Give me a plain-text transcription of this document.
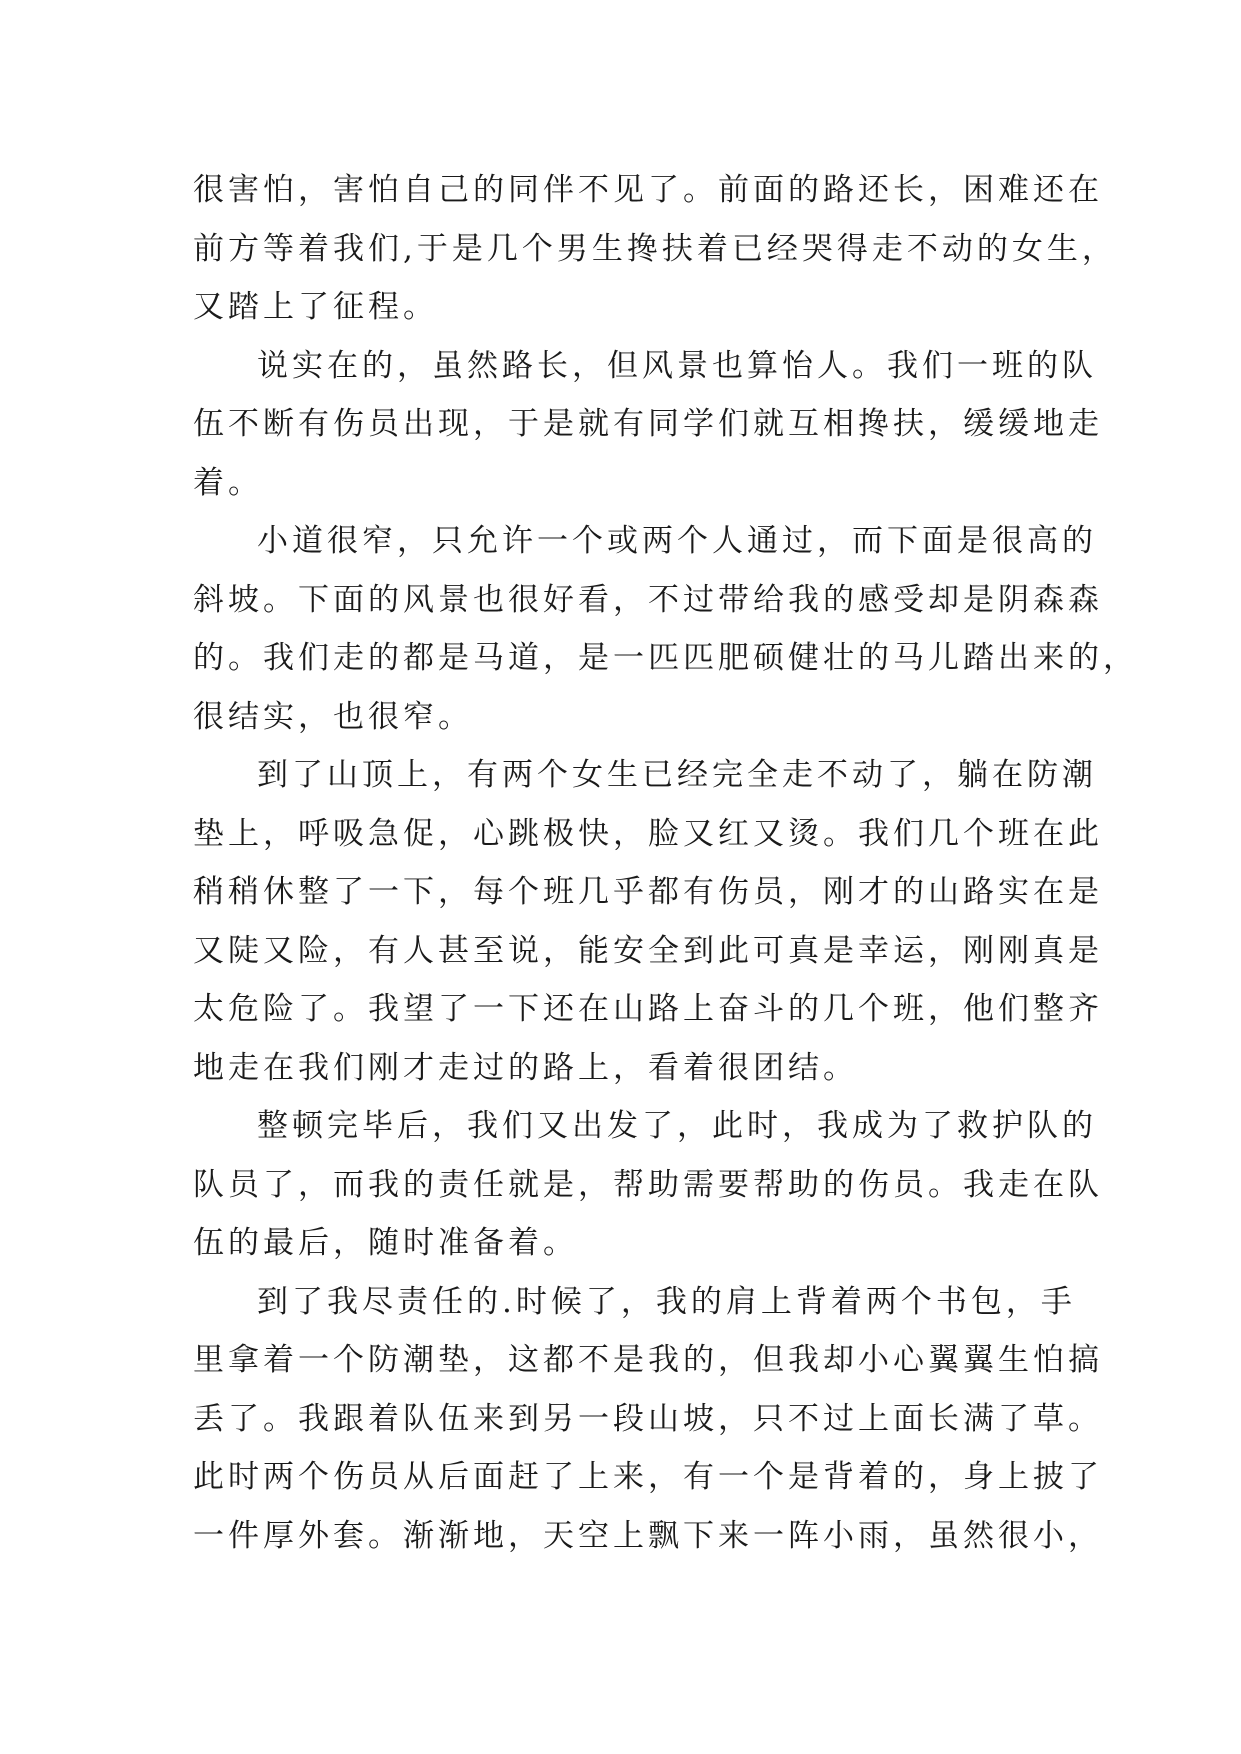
很害怕，害怕自己的同伴不见了。前面的路还长，困难还在
前方等着我们,于是几个男生搀扶着已经哭得走不动的女生，
又踏上了征程。
说实在的，虽然路长，但风景也算怡人。我们一班的队
伍不断有伤员出现，于是就有同学们就互相搀扶，缓缓地走
着。
小道很窄，只允许一个或两个人通过，而下面是很高的
斜坡。下面的风景也很好看，不过带给我的感受却是阴森森
的。我们走的都是马道，是一匹匹肥硕健壮的马儿踏出来的，
很结实，也很窄。
到了山顶上，有两个女生已经完全走不动了，躺在防潮
垫上，呼吸急促，心跳极快，脸又红又烫。我们几个班在此
稍稍休整了一下，每个班几乎都有伤员，刚才的山路实在是
又陡又险，有人甚至说，能安全到此可真是幸运，刚刚真是
太危险了。我望了一下还在山路上奋斗的几个班，他们整齐
地走在我们刚才走过的路上，看着很团结。
整顿完毕后，我们又出发了，此时，我成为了救护队的
队员了，而我的责任就是，帮助需要帮助的伤员。我走在队
伍的最后，随时准备着。
到了我尽责任的.时候了，我的肩上背着两个书包，手
里拿着一个防潮垫，这都不是我的，但我却小心翼翼生怕搞
丢了。我跟着队伍来到另一段山坡，只不过上面长满了草。
此时两个伤员从后面赶了上来，有一个是背着的，身上披了
一件厚外套。渐渐地，天空上飘下来一阵小雨，虽然很小，
